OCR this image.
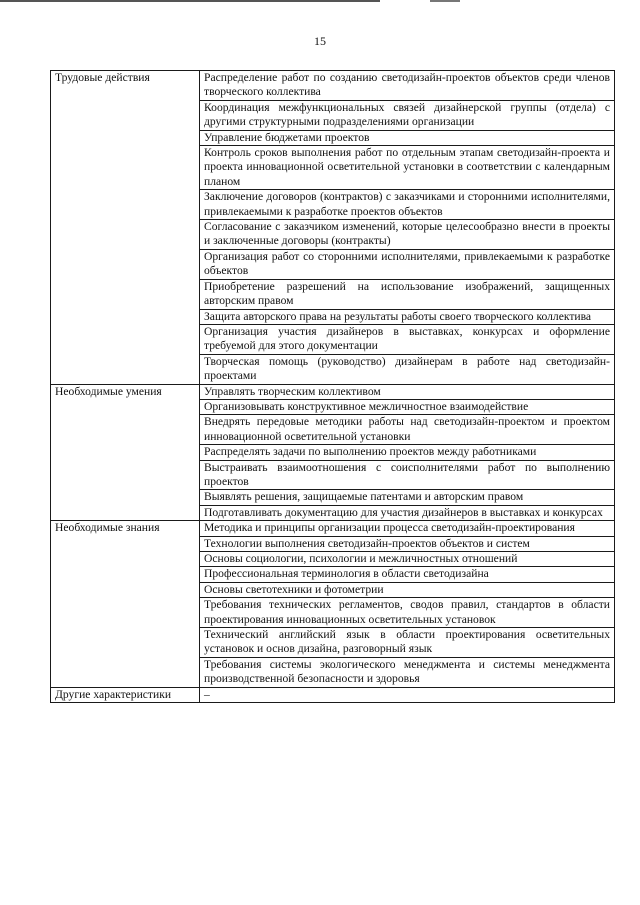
15
Трудовые действия	Распределение работ по созданию светодизайн-проектов объектов среди членов творческого коллектива
	Координация межфункциональных связей дизайнерской группы (отдела) с другими структурными подразделениями организации
	Управление бюджетами проектов
	Контроль сроков выполнения работ по отдельным этапам светодизайн-проекта и проекта инновационной осветительной установки в соответствии с календарным планом
	Заключение договоров (контрактов) с заказчиками и сторонними исполнителями, привлекаемыми к разработке проектов объектов
	Согласование с заказчиком изменений, которые целесообразно внести в проекты и заключенные договоры (контракты)
	Организация работ со сторонними исполнителями, привлекаемыми к разработке объектов
	Приобретение разрешений на использование изображений, защищенных авторским правом
	Защита авторского права на результаты работы своего творческого коллектива
	Организация участия дизайнеров в выставках, конкурсах и оформление требуемой для этого документации
	Творческая помощь (руководство) дизайнерам в работе над светодизайн-проектами
Необходимые умения	Управлять творческим коллективом
	Организовывать конструктивное межличностное взаимодействие
	Внедрять передовые методики работы над светодизайн-проектом и проектом инновационной осветительной установки
	Распределять задачи по выполнению проектов между работниками
	Выстраивать взаимоотношения с соисполнителями работ по выполнению проектов
	Выявлять решения, защищаемые патентами и авторским правом
	Подготавливать документацию для участия дизайнеров в выставках и конкурсах
Необходимые знания	Методика и принципы организации процесса светодизайн-проектирования
	Технологии выполнения светодизайн-проектов объектов и систем
	Основы социологии, психологии и межличностных отношений
	Профессиональная терминология в области светодизайна
	Основы светотехники и фотометрии
	Требования технических регламентов, сводов правил, стандартов в области проектирования инновационных осветительных установок
	Технический английский язык в области проектирования осветительных установок и основ дизайна, разговорный язык
	Требования системы экологического менеджмента и системы менеджмента производственной безопасности и здоровья
Другие характеристики	–
